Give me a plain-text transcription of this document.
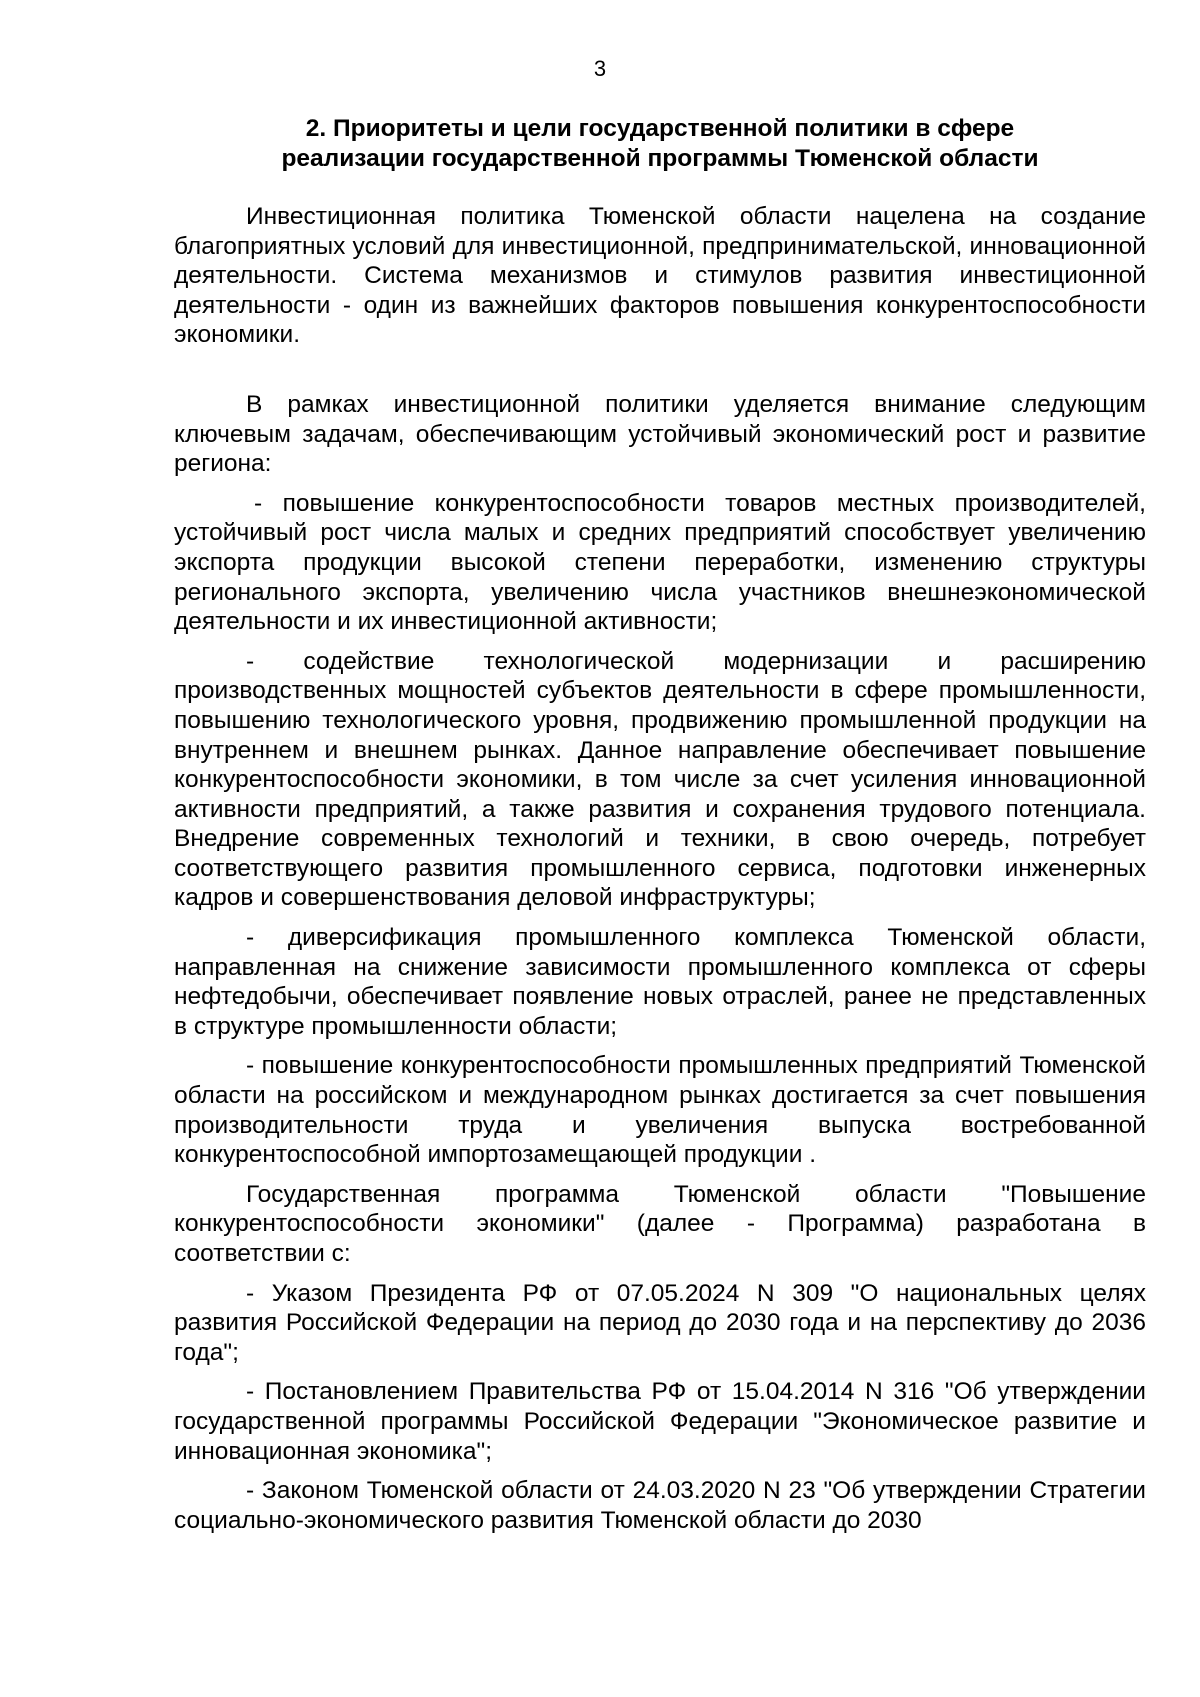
3
2. Приоритеты и цели государственной политики в сфере
реализации государственной программы Тюменской области

Инвестиционная политика Тюменской области нацелена на создание благоприятных условий для инвестиционной, предпринимательской, инновационной деятельности. Система механизмов и стимулов развития инвестиционной деятельности - один из важнейших факторов повышения конкурентоспособности экономики.

В рамках инвестиционной политики уделяется внимание следующим ключевым задачам, обеспечивающим устойчивый экономический рост и развитие региона:

- повышение конкурентоспособности товаров местных производителей, устойчивый рост числа малых и средних предприятий способствует увеличению экспорта продукции высокой степени переработки, изменению структуры регионального экспорта, увеличению числа участников внешнеэкономической деятельности и их инвестиционной активности;

- содействие технологической модернизации и расширению производственных мощностей субъектов деятельности в сфере промышленности, повышению технологического уровня, продвижению промышленной продукции на внутреннем и внешнем рынках. Данное направление обеспечивает повышение конкурентоспособности экономики, в том числе за счет усиления инновационной активности предприятий, а также развития и сохранения трудового потенциала. Внедрение современных технологий и техники, в свою очередь, потребует соответствующего развития промышленного сервиса, подготовки инженерных кадров и совершенствования деловой инфраструктуры;

- диверсификация промышленного комплекса Тюменской области, направленная на снижение зависимости промышленного комплекса от сферы нефтедобычи, обеспечивает появление новых отраслей, ранее не представленных в структуре промышленности области;

- повышение конкурентоспособности промышленных предприятий Тюменской области на российском и международном рынках достигается за счет повышения производительности труда и увеличения выпуска востребованной конкурентоспособной импортозамещающей продукции .

Государственная программа Тюменской области "Повышение конкурентоспособности экономики" (далее - Программа) разработана в соответствии с:

- Указом Президента РФ от 07.05.2024 N 309 "О национальных целях развития Российской Федерации на период до 2030 года и на перспективу до 2036 года";

- Постановлением Правительства РФ от 15.04.2014 N 316 "Об утверждении государственной программы Российской Федерации "Экономическое развитие и инновационная экономика";

- Законом Тюменской области от 24.03.2020 N 23 "Об утверждении Стратегии социально-экономического развития Тюменской области до 2030
